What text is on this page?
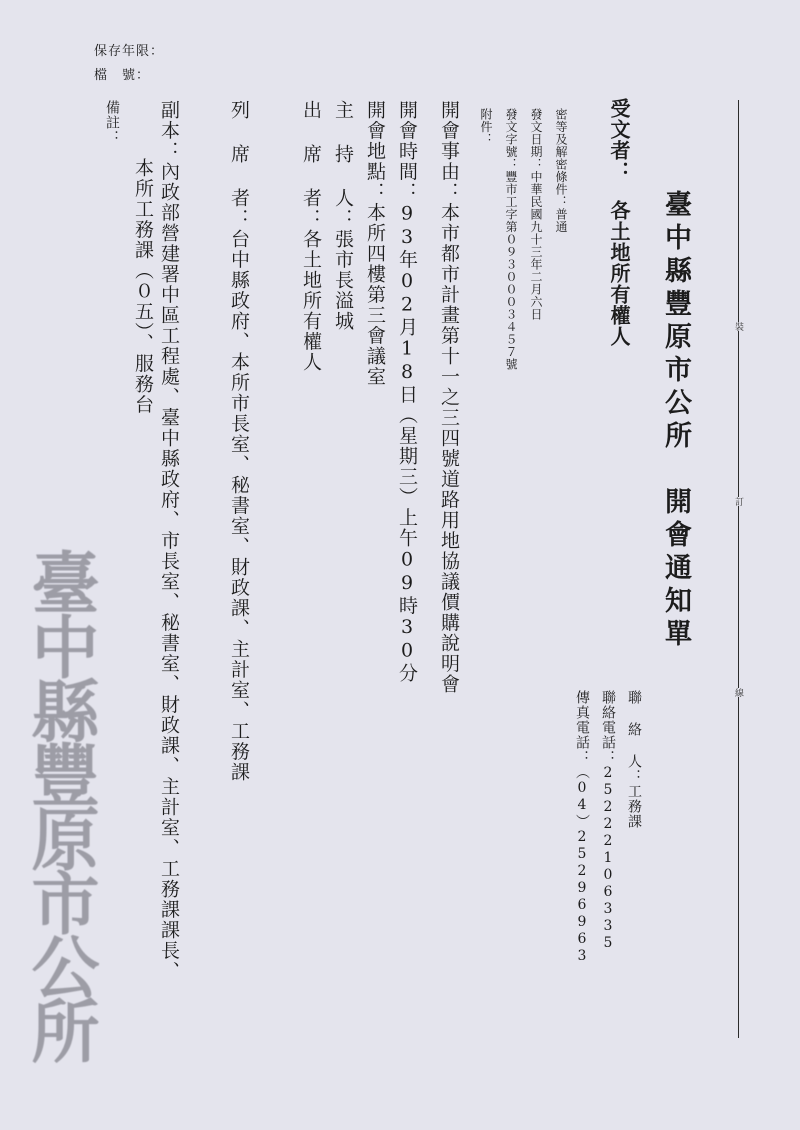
裝
訂
線
臺中縣豐原市公所　開會通知單
受文者：各土地所有權人
密等及解密條件：普通
發文日期：中華民國九十三年二月六日
發文字號：豐市工字第０９３０００３４５７號
附件：
開會事由：本市都市計畫第十一之三四號道路用地協議價購說明會
開會時間：93年02月18日（星期三）上午09時30分
開會地點：本所四樓第三會議室
主 持 人：張市長溢城
出 席 者：各土地所有權人
列 席 者：台中縣政府、本所市長室、秘書室、財政課、主計室、工務課
副本：內政部營建署中區工程處、臺中縣政府、市長室、秘書室、財政課、主計室、工務課課長、
本所工務課（０五）、服務台
備註：
檔　號：
保存年限：
聯 絡 人：工務課
聯絡電話：25222106335
傳真電話：（04）25296963
臺中縣豐原市公所
